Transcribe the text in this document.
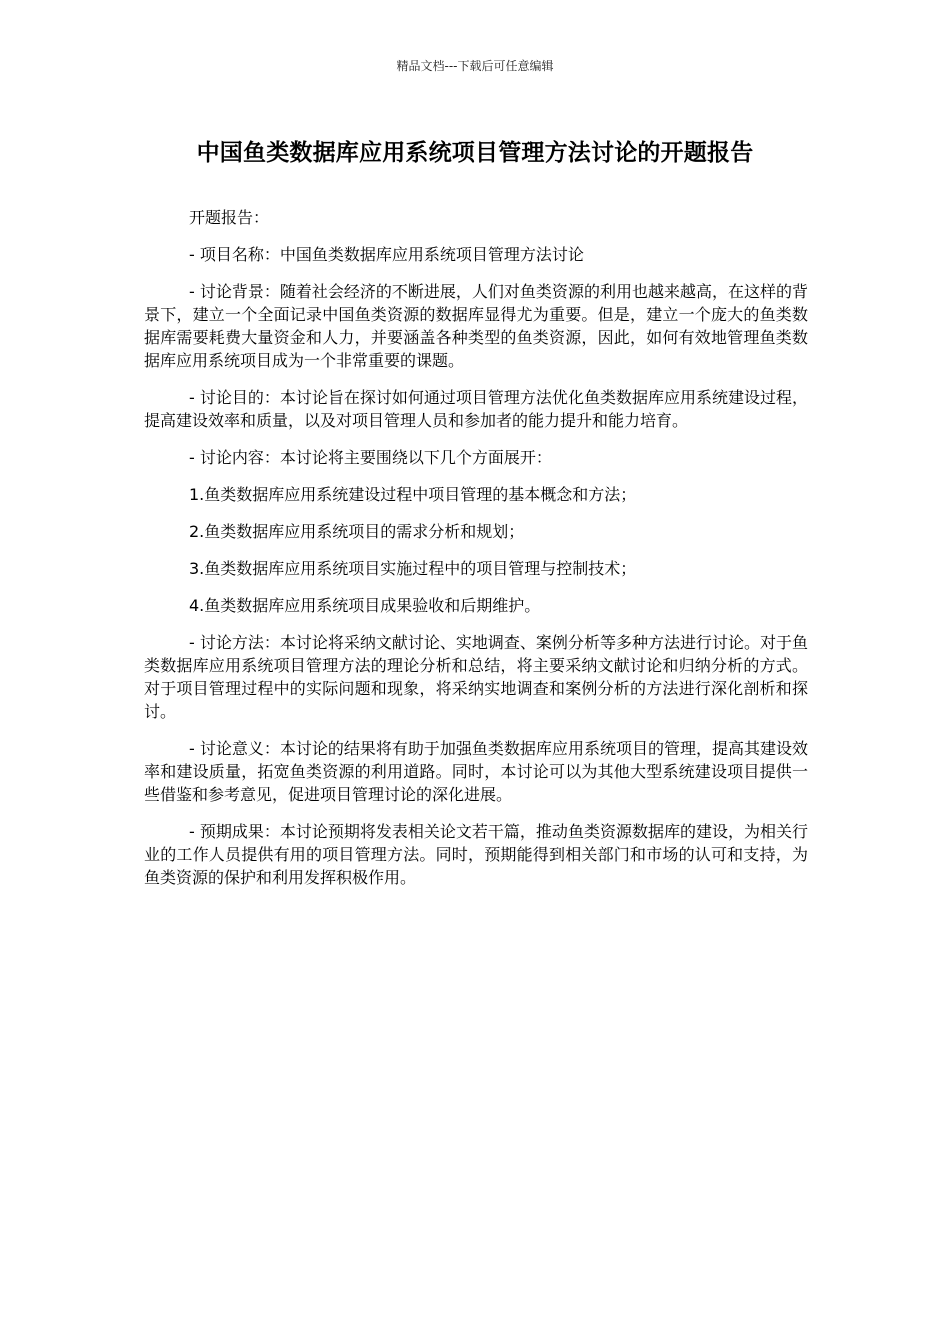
精品文档---下载后可任意编辑
中国鱼类数据库应用系统项目管理方法讨论的开题报告

开题报告：

- 项目名称：中国鱼类数据库应用系统项目管理方法讨论

- 讨论背景：随着社会经济的不断进展，人们对鱼类资源的利用也越来越高，在这样的背景下，建立一个全面记录中国鱼类资源的数据库显得尤为重要。但是，建立一个庞大的鱼类数据库需要耗费大量资金和人力，并要涵盖各种类型的鱼类资源，因此，如何有效地管理鱼类数据库应用系统项目成为一个非常重要的课题。

- 讨论目的：本讨论旨在探讨如何通过项目管理方法优化鱼类数据库应用系统建设过程，提高建设效率和质量，以及对项目管理人员和参加者的能力提升和能力培育。

- 讨论内容：本讨论将主要围绕以下几个方面展开：

1.鱼类数据库应用系统建设过程中项目管理的基本概念和方法；

2.鱼类数据库应用系统项目的需求分析和规划；

3.鱼类数据库应用系统项目实施过程中的项目管理与控制技术；

4.鱼类数据库应用系统项目成果验收和后期维护。

- 讨论方法：本讨论将采纳文献讨论、实地调查、案例分析等多种方法进行讨论。对于鱼类数据库应用系统项目管理方法的理论分析和总结，将主要采纳文献讨论和归纳分析的方式。对于项目管理过程中的实际问题和现象，将采纳实地调查和案例分析的方法进行深化剖析和探讨。

- 讨论意义：本讨论的结果将有助于加强鱼类数据库应用系统项目的管理，提高其建设效率和建设质量，拓宽鱼类资源的利用道路。同时，本讨论可以为其他大型系统建设项目提供一些借鉴和参考意见，促进项目管理讨论的深化进展。

- 预期成果：本讨论预期将发表相关论文若干篇，推动鱼类资源数据库的建设，为相关行业的工作人员提供有用的项目管理方法。同时，预期能得到相关部门和市场的认可和支持，为鱼类资源的保护和利用发挥积极作用。
